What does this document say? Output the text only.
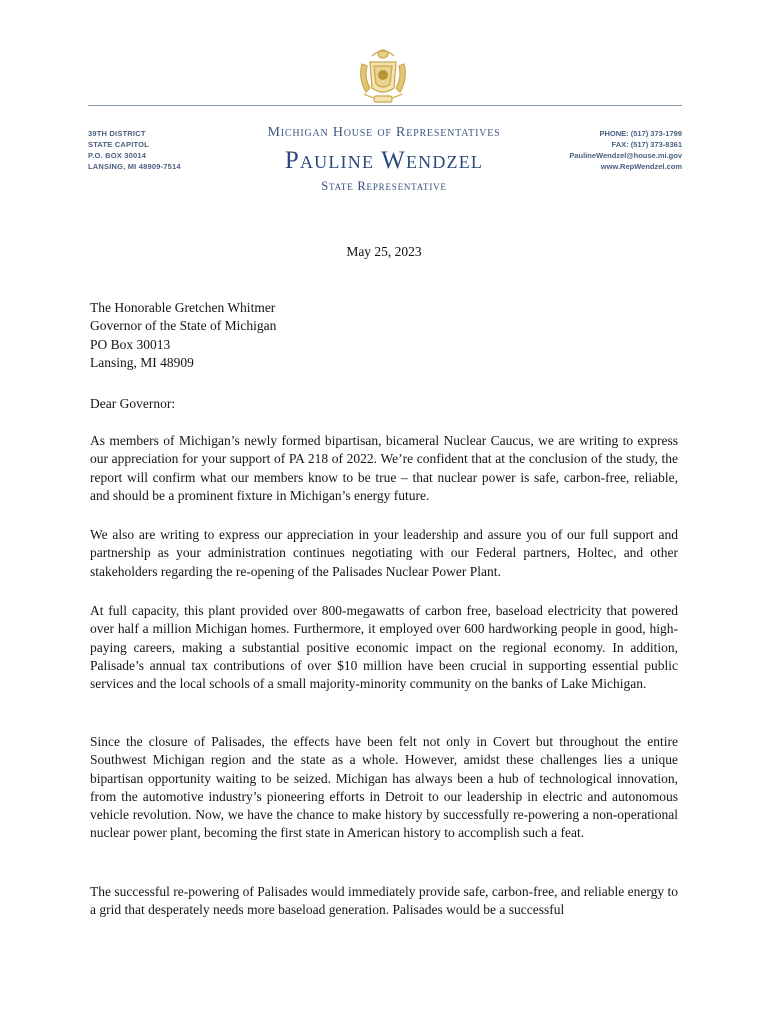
39TH DISTRICT
STATE CAPITOL
P.O. BOX 30014
LANSING, MI 48909-7514
Michigan House of Representatives
Pauline Wendzel
State Representative
PHONE: (517) 373-1799
FAX: (517) 373-8361
PaulineWendzel@house.mi.gov
www.RepWendzel.com
May 25, 2023
The Honorable Gretchen Whitmer
Governor of the State of Michigan
PO Box 30013
Lansing, MI 48909
Dear Governor:
As members of Michigan’s newly formed bipartisan, bicameral Nuclear Caucus, we are writing to express our appreciation for your support of PA 218 of 2022. We’re confident that at the conclusion of the study, the report will confirm what our members know to be true – that nuclear power is safe, carbon-free, reliable, and should be a prominent fixture in Michigan’s energy future.
We also are writing to express our appreciation in your leadership and assure you of our full support and partnership as your administration continues negotiating with our Federal partners, Holtec, and other stakeholders regarding the re-opening of the Palisades Nuclear Power Plant.
At full capacity, this plant provided over 800-megawatts of carbon free, baseload electricity that powered over half a million Michigan homes. Furthermore, it employed over 600 hardworking people in good, high-paying careers, making a substantial positive economic impact on the regional economy. In addition, Palisade’s annual tax contributions of over $10 million have been crucial in supporting essential public services and the local schools of a small majority-minority community on the banks of Lake Michigan.
Since the closure of Palisades, the effects have been felt not only in Covert but throughout the entire Southwest Michigan region and the state as a whole. However, amidst these challenges lies a unique bipartisan opportunity waiting to be seized. Michigan has always been a hub of technological innovation, from the automotive industry’s pioneering efforts in Detroit to our leadership in electric and autonomous vehicle revolution. Now, we have the chance to make history by successfully re-powering a non-operational nuclear power plant, becoming the first state in American history to accomplish such a feat.
The successful re-powering of Palisades would immediately provide safe, carbon-free, and reliable energy to a grid that desperately needs more baseload generation. Palisades would be a successful
